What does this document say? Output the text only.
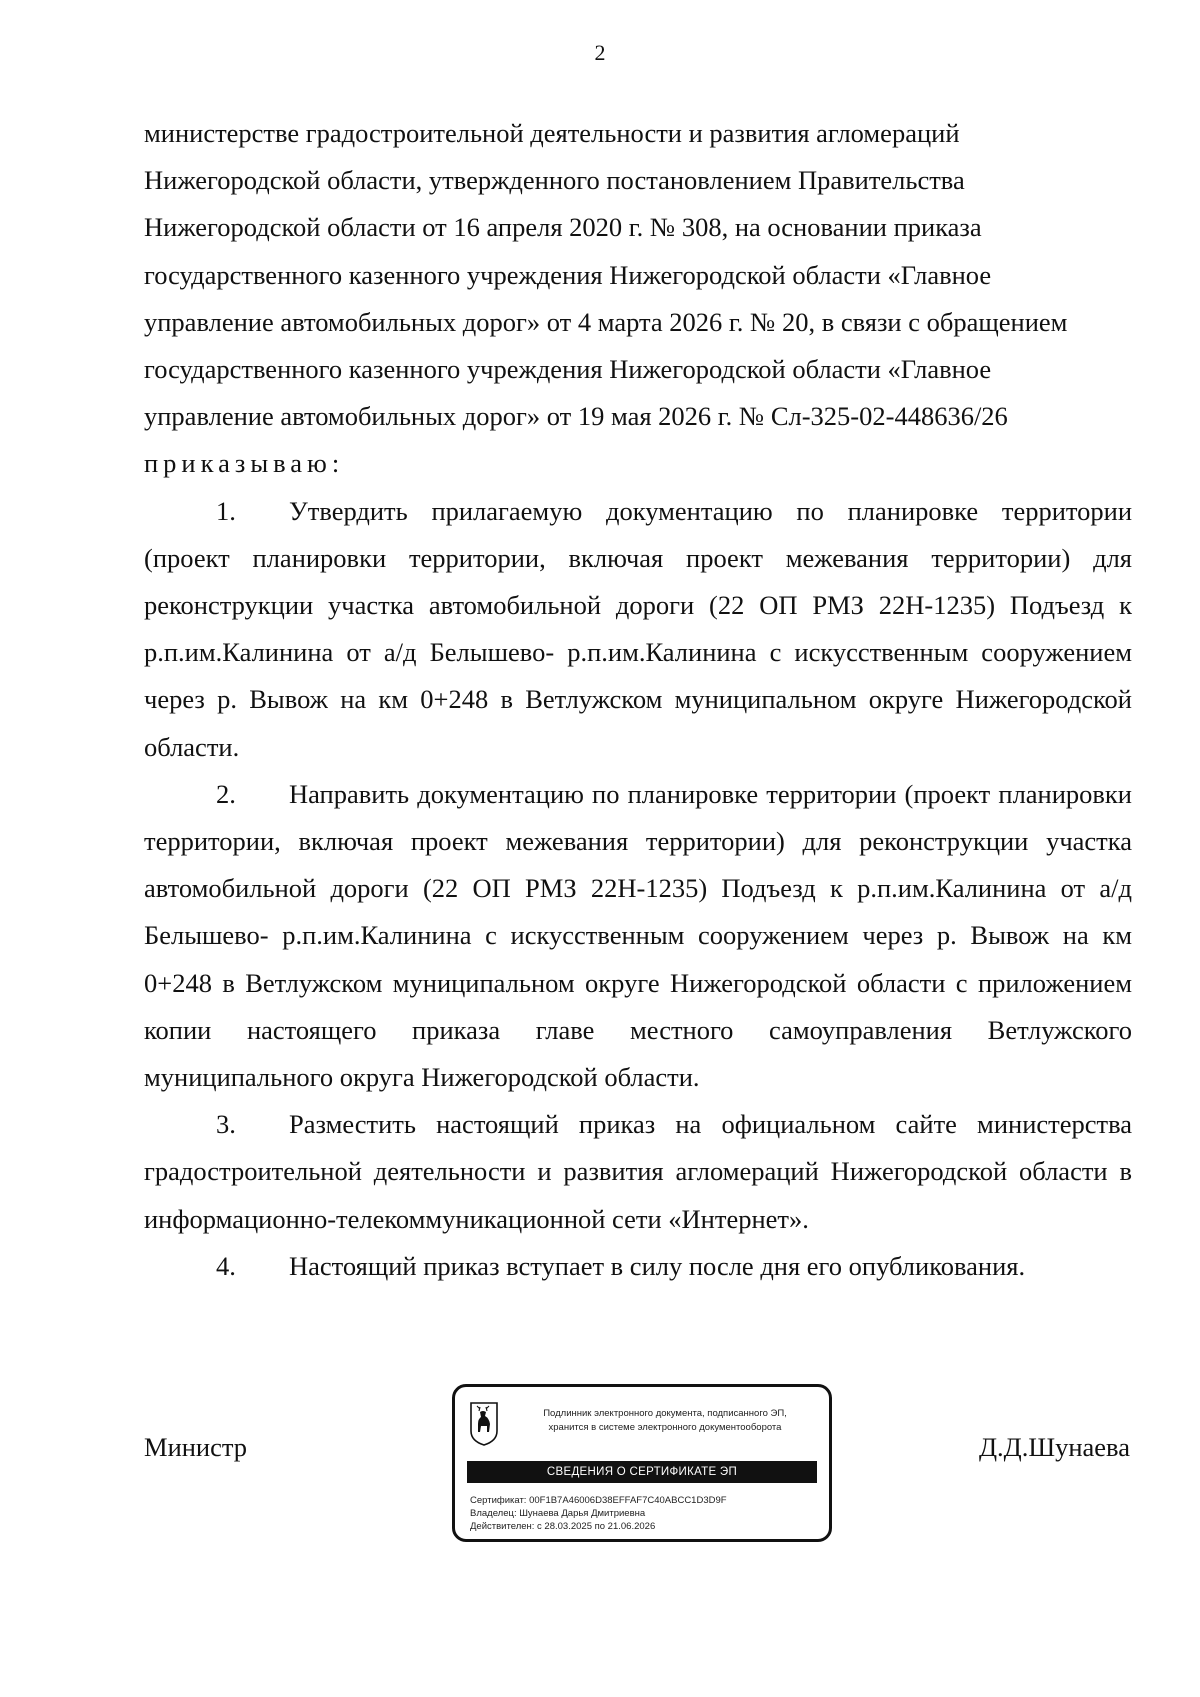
2

министерстве градостроительной деятельности и развития агломераций

Нижегородской области, утвержденного постановлением Правительства

Нижегородской области от 16 апреля 2020 г. № 308, на основании приказа

государственного казенного учреждения Нижегородской области «Главное

управление автомобильных дорог» от 4 марта 2026 г. № 20, в связи с обращением

государственного казенного учреждения Нижегородской области «Главное

управление автомобильных дорог» от 19 мая 2026 г. № Сл-325-02-448636/26

приказываю:

1. Утвердить прилагаемую документацию по планировке территории (проект планировки территории, включая проект межевания территории) для реконструкции участка автомобильной дороги (22 ОП РМЗ 22Н-1235) Подъезд к р.п.им.Калинина от а/д Белышево- р.п.им.Калинина с искусственным сооружением через р. Вывож на км 0+248 в Ветлужском муниципальном округе Нижегородской области.

2. Направить документацию по планировке территории (проект планировки территории, включая проект межевания территории) для реконструкции участка автомобильной дороги (22 ОП РМЗ 22Н-1235) Подъезд к р.п.им.Калинина от а/д Белышево- р.п.им.Калинина с искусственным сооружением через р. Вывож на км 0+248 в Ветлужском муниципальном округе Нижегородской области с приложением копии настоящего приказа главе местного самоуправления Ветлужского муниципального округа Нижегородской области.

3. Разместить настоящий приказ на официальном сайте министерства градостроительной деятельности и развития агломераций Нижегородской области в информационно-телекоммуникационной сети «Интернет».

4. Настоящий приказ вступает в силу после дня его опубликования.

Министр	Д.Д.Шунаева
Подлинник электронного документа, подписанного ЭП,
хранится в системе электронного документооборота
СВЕДЕНИЯ О СЕРТИФИКАТЕ ЭП
Сертификат: 00F1B7A46006D38EFFAF7C40ABCC1D3D9F
Владелец: Шунаева Дарья Дмитриевна
Действителен: с 28.03.2025 по 21.06.2026
